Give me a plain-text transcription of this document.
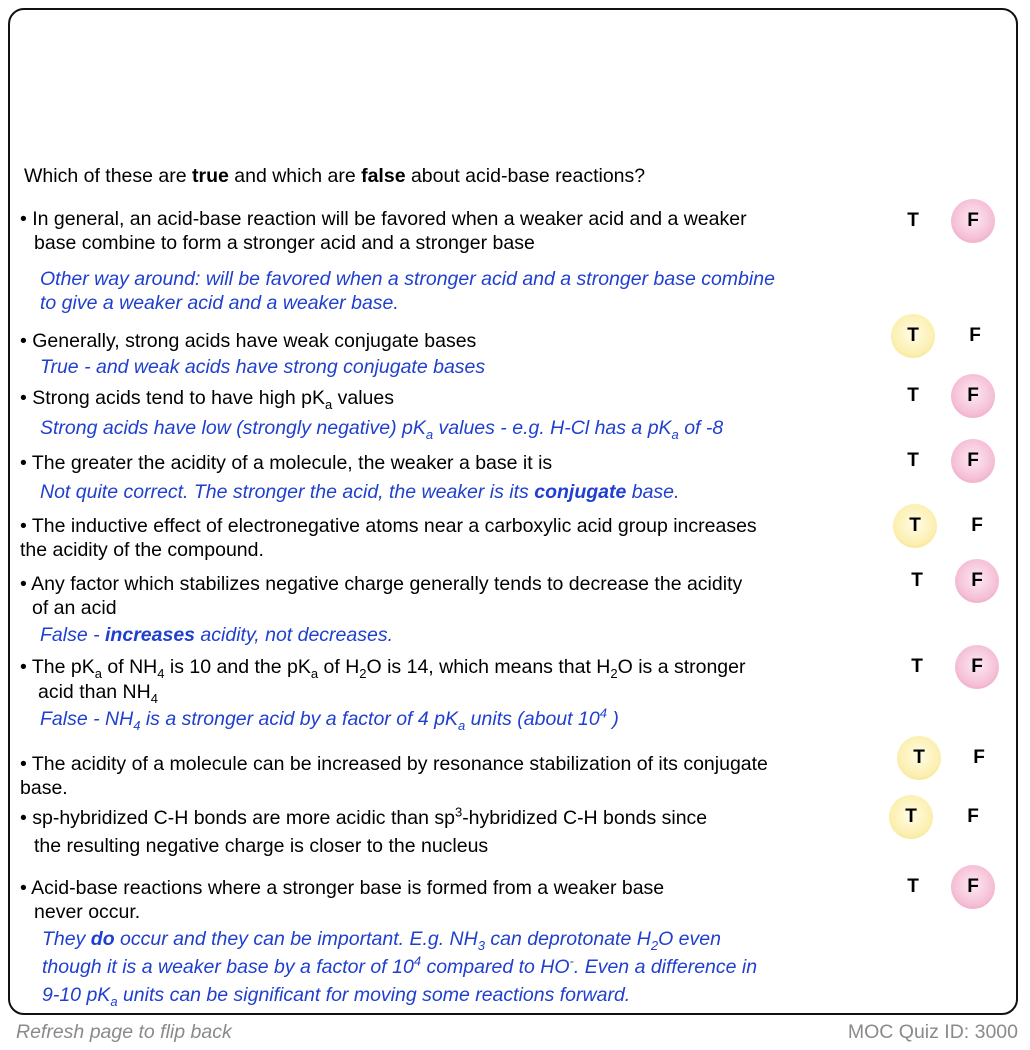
Which of these are true and which are false about acid-base reactions?
• In general, an acid-base reaction will be favored when a weaker acid and a weaker
base combine to form a stronger acid and a stronger base
Other way around: will be favored when a stronger acid and a stronger base combine
to give a weaker acid and a weaker base.
T	F
• Generally, strong acids have weak conjugate bases
True - and weak acids have strong conjugate bases
T	F
• Strong acids tend to have high $pK_a$ values
Strong acids have low (strongly negative) $pK_a$ values - e.g. H-Cl has a $pK_a$ of -8
T	F
• The greater the acidity of a molecule, the weaker a base it is
Not quite correct. The stronger the acid, the weaker is its conjugate base.
T	F
• The inductive effect of electronegative atoms near a carboxylic acid group increases
the acidity of the compound.
T	F
• Any factor which stabilizes negative charge generally tends to decrease the acidity
of an acid
False - increases acidity, not decreases.
T	F
• The $pK_a$ of $NH_4$ is 10 and the $pK_a$ of $H_2O$ is 14, which means that $H_2O$ is a stronger
acid than $NH_4$
False - $NH_4$ is a stronger acid by a factor of 4 $pK_a$ units (about $10^4$ )
T	F
• The acidity of a molecule can be increased by resonance stabilization of its conjugate
base.
T	F
• sp-hybridized C-H bonds are more acidic than $sp^3$-hybridized C-H bonds since
the resulting negative charge is closer to the nucleus
T	F
• Acid-base reactions where a stronger base is formed from a weaker base
never occur.
They do occur and they can be important. E.g. $NH_3$ can deprotonate $H_2O$ even
though it is a weaker base by a factor of $10^4$ compared to HO-. Even a difference in
9-10 $pK_a$ units can be significant for moving some reactions forward.
T	F
Refresh page to flip back	MOC Quiz ID: 3000
